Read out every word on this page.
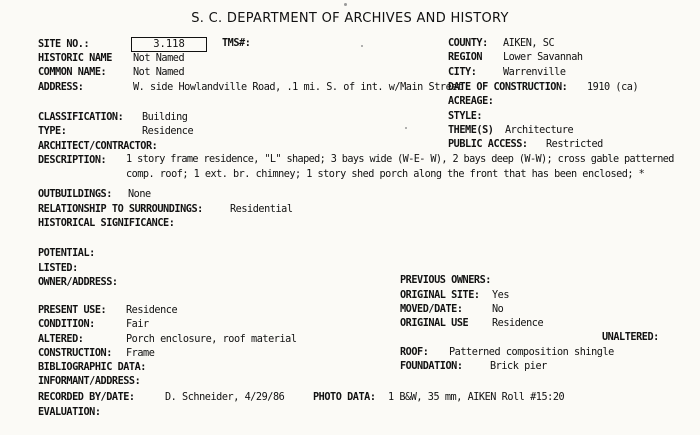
S. C. DEPARTMENT OF ARCHIVES AND HISTORY
SITE NO.:	3.118	TMS#:
HISTORIC NAME Not Named
COMMON NAME:	Not Named
ADDRESS:	W. side Howlandville Road, .1 mi. S. of int. w/Main Street
COUNTY: AIKEN, SC
REGION Lower Savannah
CITY:	Warrenville
DATE OF CONSTRUCTION: 1910 (ca)
ACREAGE:
STYLE:
THEME(S) Architecture
PUBLIC ACCESS: Restricted
CLASSIFICATION: Building
TYPE:	Residence
ARCHITECT/CONTRACTOR:
DESCRIPTION: 1 story frame residence, "L" shaped; 3 bays wide (W-E- W), 2 bays deep (W-W); cross gable patterned
comp. roof; 1 ext. br. chimney; 1 story shed porch along the front that has been enclosed; *
OUTBUILDINGS: None
RELATIONSHIP TO SURROUNDINGS:	Residential
HISTORICAL SIGNIFICANCE:
POTENTIAL:
LISTED:
OWNER/ADDRESS:	PREVIOUS OWNERS:
ORIGINAL SITE: Yes
MOVED/DATE:	No
ORIGINAL USE Residence
UNALTERED:
PRESENT USE: Residence
CONDITION:	Fair
ALTERED:	Porch enclosure, roof material
CONSTRUCTION: Frame	ROOF: Patterned composition shingle
BIBLIOGRAPHIC DATA:	FOUNDATION:	Brick pier
INFORMANT/ADDRESS:
RECORDED BY/DATE:	D. Schneider, 4/29/86	PHOTO DATA: 1 B&W, 35 mm, AIKEN Roll #15:20
EVALUATION:
